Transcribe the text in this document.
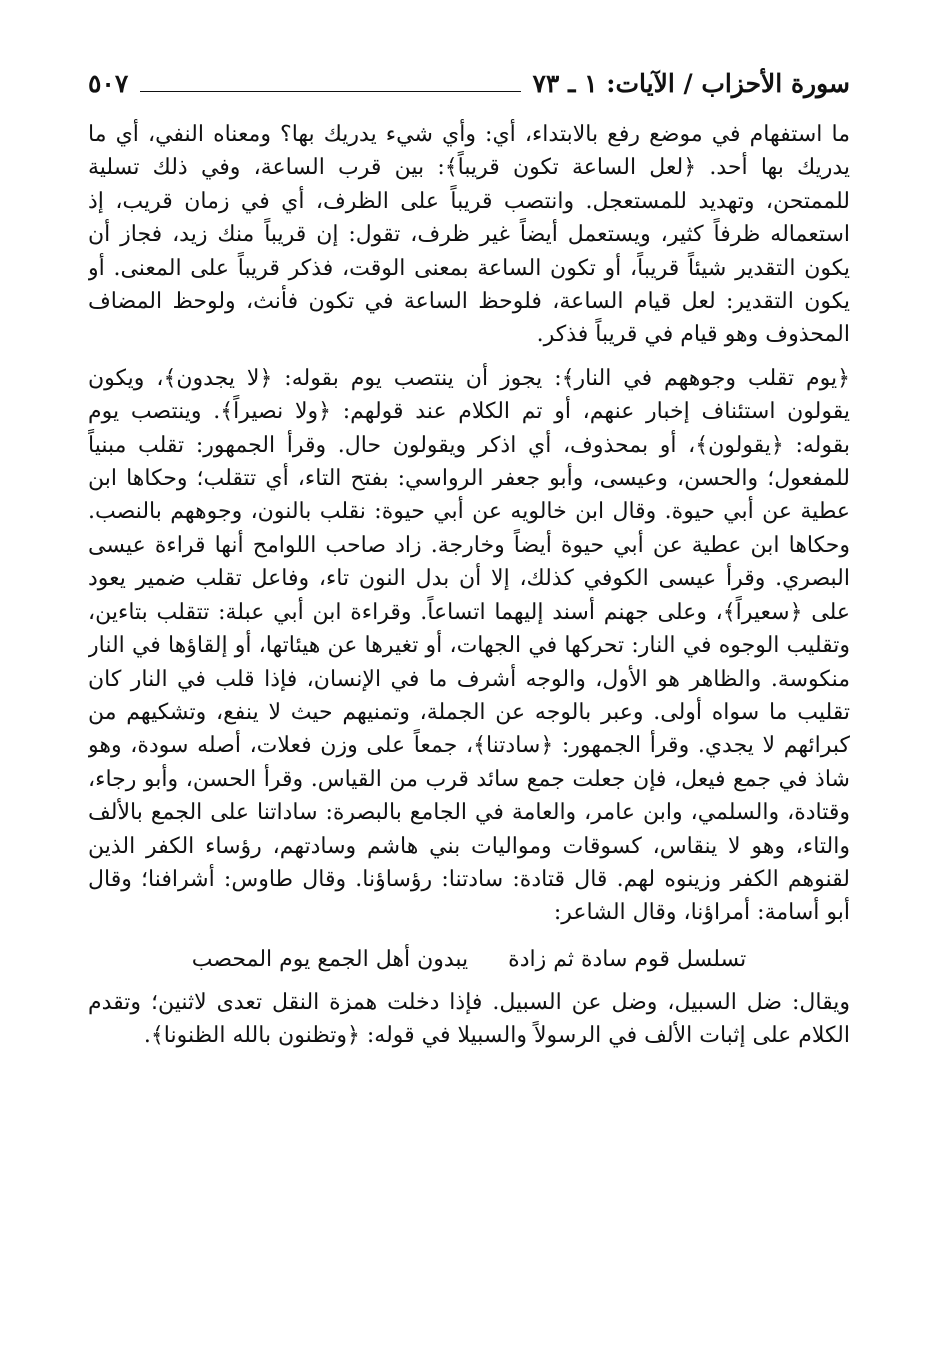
سورة الأحزاب / الآيات: ١ ـ ٧٣
٥٠٧

ما استفهام في موضع رفع بالابتداء، أي: وأي شيء يدريك بها؟ ومعناه النفي، أي ما يدريك بها أحد. ﴿لعل الساعة تكون قريباً﴾: بين قرب الساعة، وفي ذلك تسلية للممتحن، وتهديد للمستعجل. وانتصب قريباً على الظرف، أي في زمان قريب، إذ استعماله ظرفاً كثير، ويستعمل أيضاً غير ظرف، تقول: إن قريباً منك زيد، فجاز أن يكون التقدير شيئاً قريباً، أو تكون الساعة بمعنى الوقت، فذكر قريباً على المعنى. أو يكون التقدير: لعل قيام الساعة، فلوحظ الساعة في تكون فأنث، ولوحظ المضاف المحذوف وهو قيام في قريباً فذكر.

﴿يوم تقلب وجوههم في النار﴾: يجوز أن ينتصب يوم بقوله: ﴿لا يجدون﴾، ويكون يقولون استئناف إخبار عنهم، أو تم الكلام عند قولهم: ﴿ولا نصيراً﴾. وينتصب يوم بقوله: ﴿يقولون﴾، أو بمحذوف، أي اذكر ويقولون حال. وقرأ الجمهور: تقلب مبنياً للمفعول؛ والحسن، وعيسى، وأبو جعفر الرواسي: بفتح التاء، أي تتقلب؛ وحكاها ابن عطية عن أبي حيوة. وقال ابن خالويه عن أبي حيوة: نقلب بالنون، وجوههم بالنصب. وحكاها ابن عطية عن أبي حيوة أيضاً وخارجة. زاد صاحب اللوامح أنها قراءة عيسى البصري. وقرأ عيسى الكوفي كذلك، إلا أن بدل النون تاء، وفاعل تقلب ضمير يعود على ﴿سعيراً﴾، وعلى جهنم أسند إليهما اتساعاً. وقراءة ابن أبي عبلة: تتقلب بتاءين، وتقليب الوجوه في النار: تحركها في الجهات، أو تغيرها عن هيئاتها، أو إلقاؤها في النار منكوسة. والظاهر هو الأول، والوجه أشرف ما في الإنسان، فإذا قلب في النار كان تقليب ما سواه أولى. وعبر بالوجه عن الجملة، وتمنيهم حيث لا ينفع، وتشكيهم من كبرائهم لا يجدي. وقرأ الجمهور: ﴿سادتنا﴾، جمعاً على وزن فعلات، أصله سودة، وهو شاذ في جمع فيعل، فإن جعلت جمع سائد قرب من القياس. وقرأ الحسن، وأبو رجاء، وقتادة، والسلمي، وابن عامر، والعامة في الجامع بالبصرة: ساداتنا على الجمع بالألف والتاء، وهو لا ينقاس، كسوقات ومواليات بني هاشم وسادتهم، رؤساء الكفر الذين لقنوهم الكفر وزينوه لهم. قال قتادة: سادتنا: رؤساؤنا. وقال طاوس: أشرافنا؛ وقال أبو أسامة: أمراؤنا، وقال الشاعر:

تسلسل قوم سادة ثم زادة
يبدون أهل الجمع يوم المحصب

ويقال: ضل السبيل، وضل عن السبيل. فإذا دخلت همزة النقل تعدى لاثنين؛ وتقدم الكلام على إثبات الألف في الرسولاً والسبيلا في قوله: ﴿وتظنون بالله الظنونا﴾.
